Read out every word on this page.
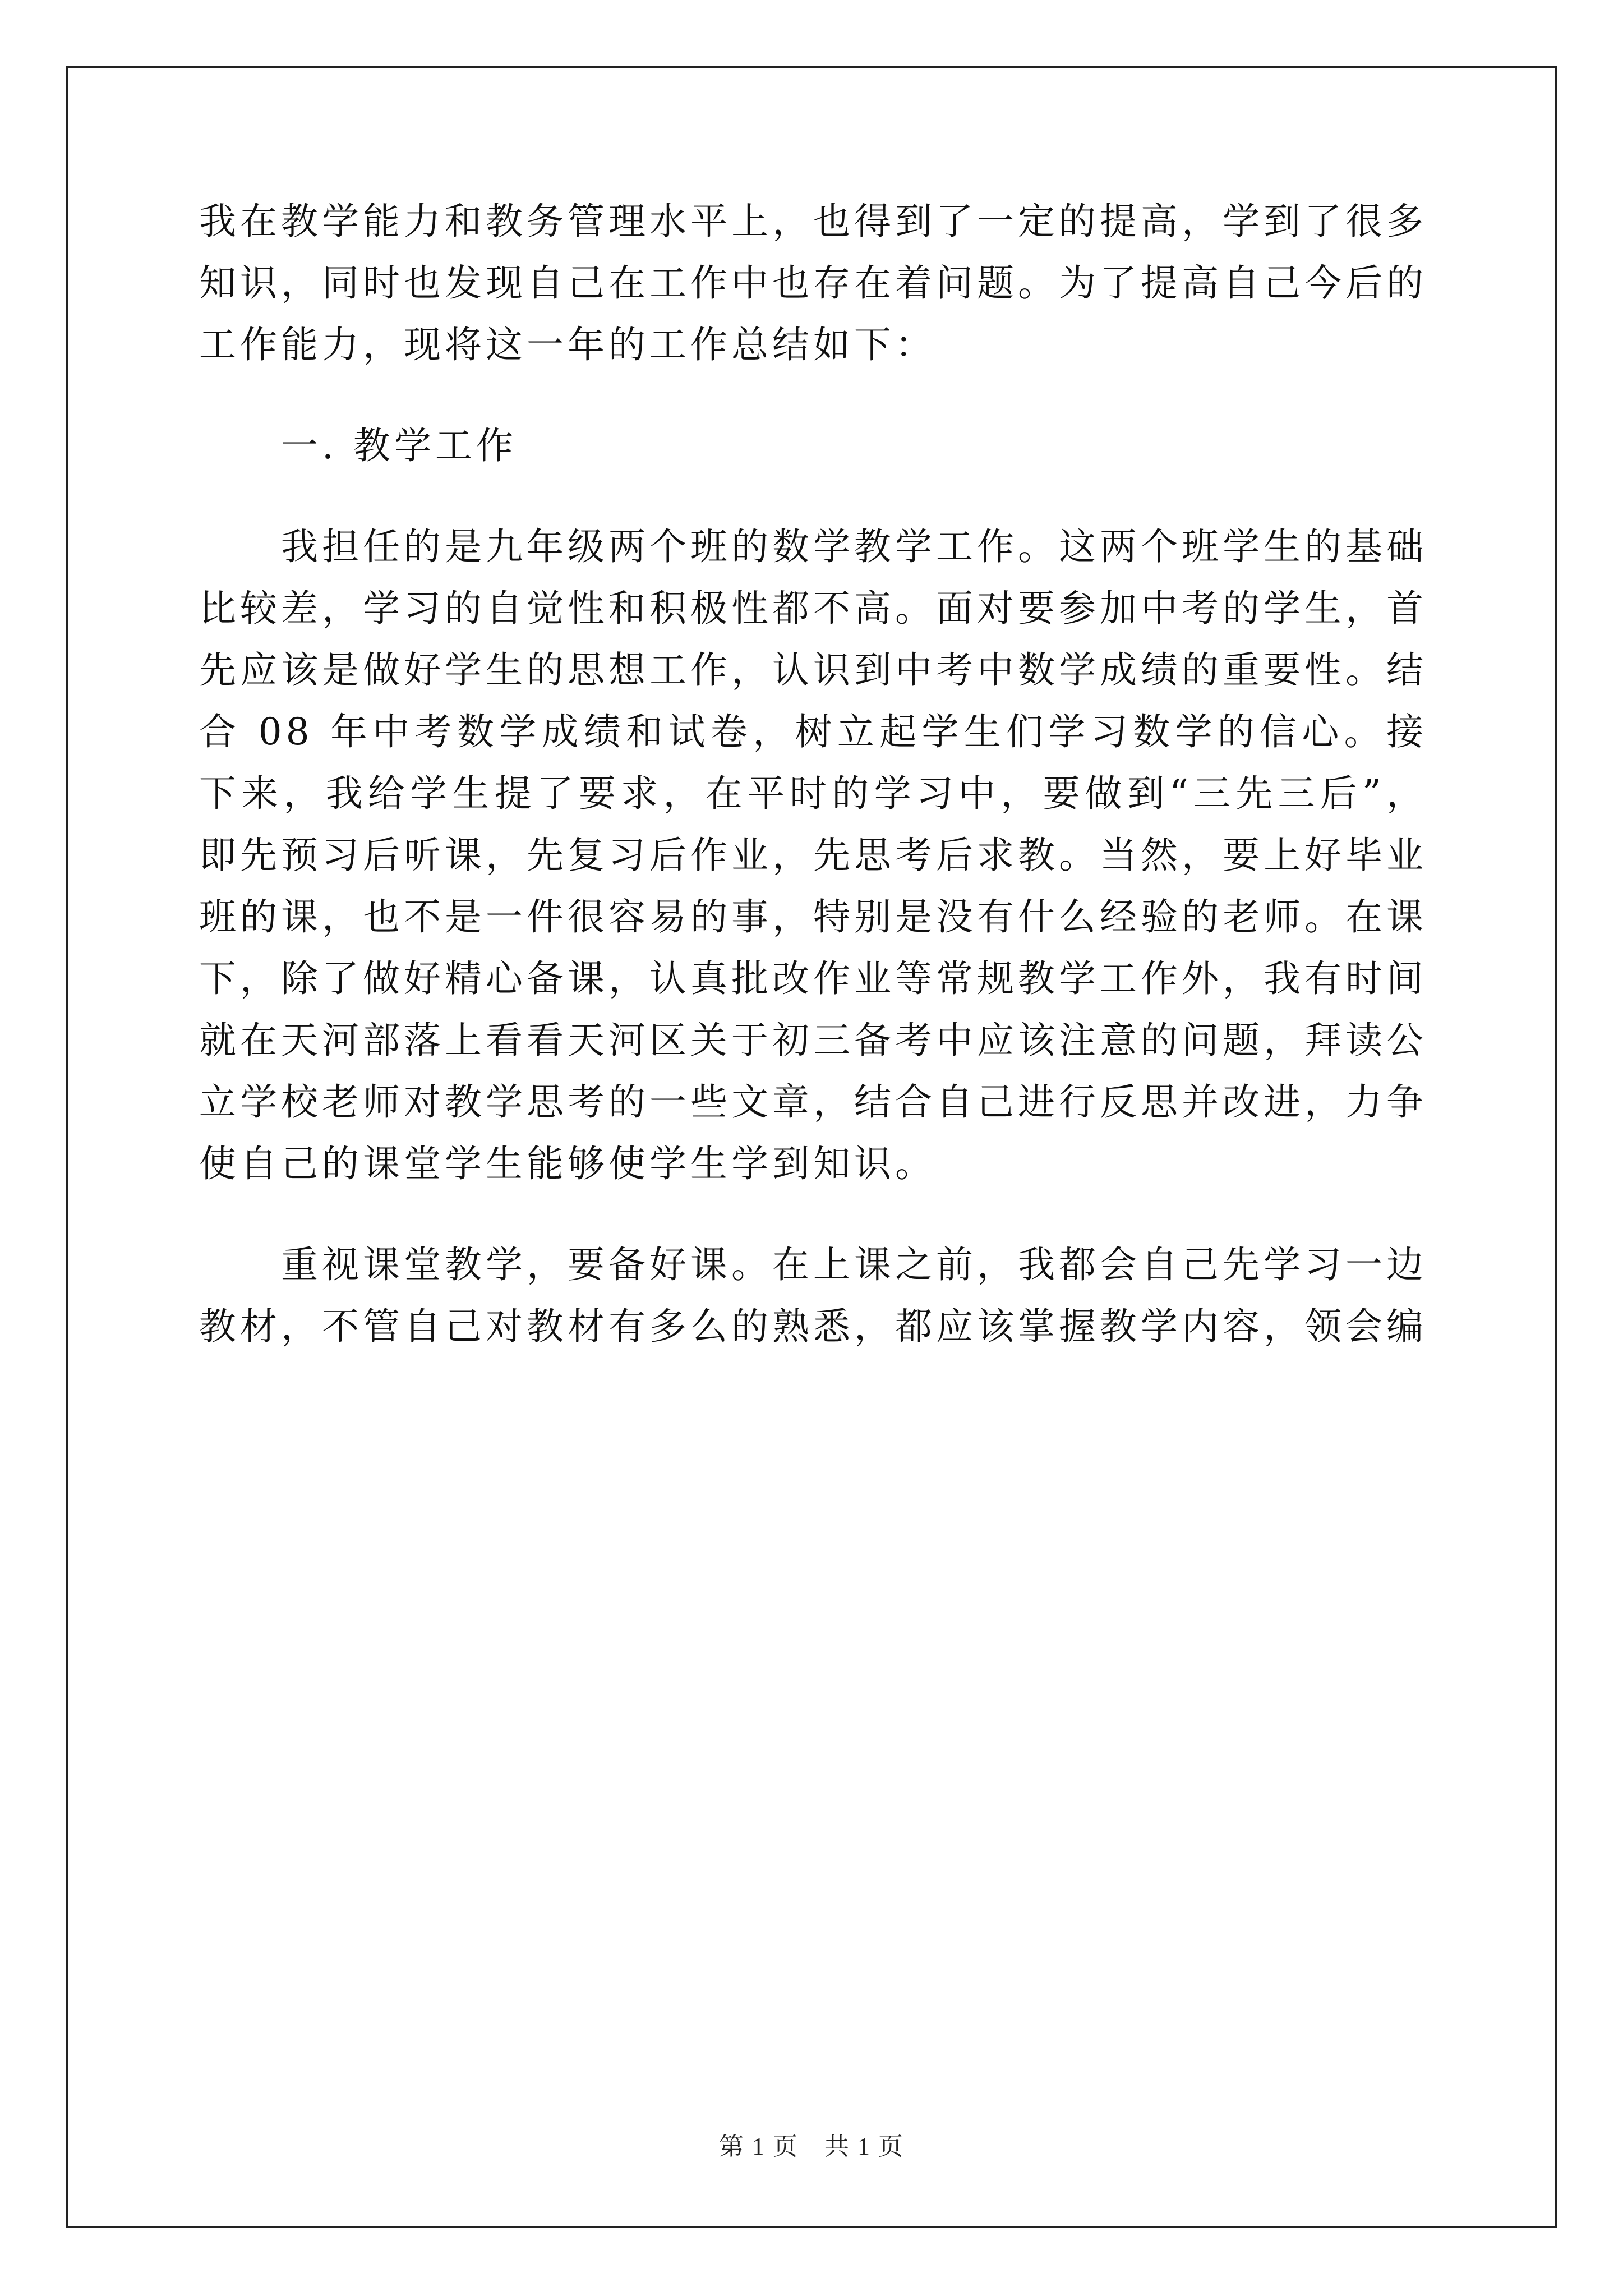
我在教学能力和教务管理水平上，也得到了一定的提高，学到了很多知识，同时也发现自己在工作中也存在着问题。为了提高自己今后的工作能力，现将这一年的工作总结如下：

一. 教学工作

我担任的是九年级两个班的数学教学工作。这两个班学生的基础比较差，学习的自觉性和积极性都不高。面对要参加中考的学生，首先应该是做好学生的思想工作，认识到中考中数学成绩的重要性。结合 08 年中考数学成绩和试卷，树立起学生们学习数学的信心。接下来，我给学生提了要求，在平时的学习中，要做到“三先三后”，即先预习后听课，先复习后作业，先思考后求教。当然，要上好毕业班的课，也不是一件很容易的事，特别是没有什么经验的老师。在课下，除了做好精心备课，认真批改作业等常规教学工作外，我有时间就在天河部落上看看天河区关于初三备考中应该注意的问题，拜读公立学校老师对教学思考的一些文章，结合自己进行反思并改进，力争使自己的课堂学生能够使学生学到知识。

重视课堂教学，要备好课。在上课之前，我都会自己先学习一边教材，不管自己对教材有多么的熟悉，都应该掌握教学内容，领会编

第 1 页　共 1 页
